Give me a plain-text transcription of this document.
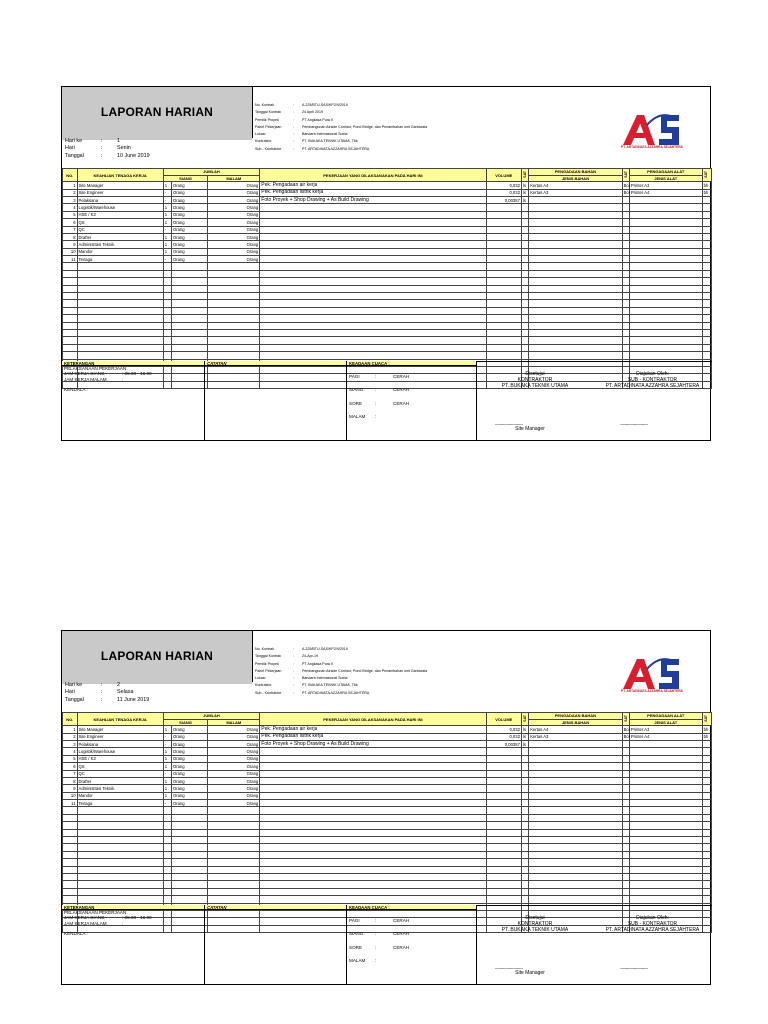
LAPORAN HARIAN
Hari ke	:	1
Hari	:	Senin
Tanggal	:	10 June 2019
No. Kontrak	:	A.225/BTU-SAS/KP2/II/2019
Tanggal Kontrak	:	24 April 2019
Pemilik Proyek	:	PT Angkasa Pura II
Paket Pekerjaan	:	Pembangunan Airside Corridor, Pond Bridge, dan Penambahan unit Garbarata
Lokasi	:	Bandara Internasional Soeta
Kontraktor	:	PT. BUKAKA TEKNIK UTAMA, Tbk
Sub - Kontraktor	:	PT. ARTADINATA AZZAHRA SEJAHTERA	PT. ARTADINATA AZZAHRA SEJAHTERA
NO.	KEAHLIAN TENAGA KERJA	JUMLAH			PEKERJAAN YANG DILAKSANAKAN PADA HARI INI	VOLUME	SAT	PENGADAAN BAHAN	SAT	PENGADAAN ALAT	SAT
		SIANG		MALAM				JENIS BAHAN		JENIS ALAT	
1	Site Manager	1	Orang	Orang	Pek. Pengadaan air kerja	0,032	ls	Kertas A4	Bor	Printer A3	bh
2	Site Engineer	-	Orang	Orang	Pek. Pengadaan listrik kerja	0,032	ls	Kertas A3	Bor	Printer A4	bh
3	Pelaksana	-	Orang	Orang	Foto Proyek + Shop Drawing + As Build Drawing	0,00357	ls				
4	Logistik/Warehouse	1	Orang	Orang							
5	HSE / K3	1	Orang	Orang							
6	QS	1	Orang	Orang							
7	QC	-	Orang	Orang							
8	Drafter	1	Orang	Orang							
9	Administrasi Teknik	1	Orang	Orang							
10	Mandor	1	Orang	Orang							
11	Tenaga	-	Orang	Orang							

KETERANGAN
PELAKSANAAN PEKERJAAN
JAM KERJA SIANG	: 08.00 - 16.00
JAM KERJA MALAM	:
KENDALA :
CATATAN	KEADAAN CUACA :
PAGI	:	CERAH
SIANG	:	CERAH
SORE	:	CERAH
MALAM	:
Disetujui
KONTRAKTOR
PT. BUKAKA TEKNIK UTAMA
Diajukan Oleh:
SUB - KONTRAKTOR
PT. ARTADINATA AZZAHRA SEJAHTERA
...............................
Site Manager
...............................
LAPORAN HARIAN
Hari ke	:	2
Hari	:	Selasa
Tanggal	:	11 June 2019
No. Kontrak	:	A.225/BTU-SAS/KP2/II/2019
Tanggal Kontrak	:	24-Apr-19
Pemilik Proyek	:	PT Angkasa Pura II
Paket Pekerjaan	:	Pembangunan Airside Corridor, Pond Bridge, dan Penambahan unit Garbarata
Lokasi	:	Bandara Internasional Soeta
Kontraktor	:	PT. BUKAKA TEKNIK UTAMA, Tbk
Sub - Kontraktor	:	PT. ARTADINATA AZZAHRA SEJAHTERA	PT. ARTADINATA AZZAHRA SEJAHTERA
NO.	KEAHLIAN TENAGA KERJA	JUMLAH			PEKERJAAN YANG DILAKSANAKAN PADA HARI INI	VOLUME	SAT	PENGADAAN BAHAN	SAT	PENGADAAN ALAT	SAT
		SIANG		MALAM				JENIS BAHAN		JENIS ALAT	
1	Site Manager	1	Orang	Orang	Pek. Pengadaan air kerja	0,032	ls	Kertas A4	Bor	Printer A3	bh
2	Site Engineer	-	Orang	Orang	Pek. Pengadaan listrik kerja	0,032	ls	Kertas A3	Bor	Printer A4	bh
3	Pelaksana	-	Orang	Orang	Foto Proyek + Shop Drawing + As Build Drawing	0,00357	ls				
4	Logistik/Warehouse	1	Orang	Orang							
5	HSE / K3	1	Orang	Orang							
6	QS	1	Orang	Orang							
7	QC	-	Orang	Orang							
8	Drafter	1	Orang	Orang							
9	Administrasi Teknik	1	Orang	Orang							
10	Mandor	1	Orang	Orang							
11	Tenaga	-	Orang	Orang							

KETERANGAN
PELAKSANAAN PEKERJAAN
JAM KERJA SIANG	: 08.00 - 16.00
JAM KERJA MALAM	:
KENDALA :
CATATAN	KEADAAN CUACA :
PAGI	:	CERAH
SIANG	:	CERAH
SORE	:	CERAH
MALAM	:
Disetujui
KONTRAKTOR
PT. BUKAKA TEKNIK UTAMA
Diajukan Oleh:
SUB - KONTRAKTOR
PT. ARTADINATA AZZAHRA SEJAHTERA
...............................
Site Manager
...............................
